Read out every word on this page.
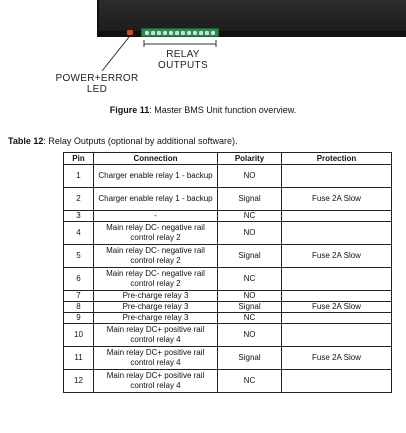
RELAY
OUTPUTS
POWER+ERROR
LED
Figure 11: Master BMS Unit function overview.
Table 12: Relay Outputs (optional by additional software).
Pin	Connection	Polarity	Protection
1	Charger enable relay 1 - backup	NO	
2	Charger enable relay 1 - backup	Signal	Fuse 2A Slow
3	-	NC	
4	Main relay DC- negative rail control relay 2	NO	
5	Main relay DC- negative rail control relay 2	Signal	Fuse 2A Slow
6	Main relay DC- negative rail control relay 2	NC	
7	Pre-charge relay 3	NO	
8	Pre-charge relay 3	Signal	Fuse 2A Slow
9	Pre-charge relay 3	NC	
10	Main relay DC+ positive rail control relay 4	NO	
11	Main relay DC+ positive rail control relay 4	Signal	Fuse 2A Slow
12	Main relay DC+ positive rail control relay 4	NC	
